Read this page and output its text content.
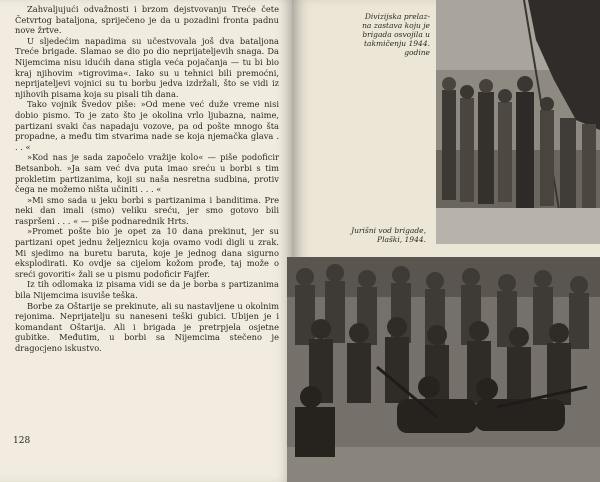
Zahvaljujući odvažnosti i brzom dejstvovanju Treće čete Četvrtog bataljona, spriječeno je da u pozadini fronta padnu nove žrtve.

U sljedećim napadima su učestvovala još dva bataljona Treće brigade. Slamao se dio po dio neprijateljevih snaga. Da Nijemcima nisu idućih dana stigla veća pojačanja — tu bi bio kraj njihovim »tigrovima«. Iako su u tehnici bili premoćni, neprijateljevi vojnici su tu borbu jedva izdržali, što se vidi iz njihovih pisama koja su pisali tih dana.

Tako vojnik Švedov piše: »Od mene već duže vreme nisi dobio pismo. To je zato što je okolina vrlo ljubazna, naime, partizani svaki čas napadaju vozove, pa od pošte mnogo šta propadne, a među tim stvarima nade se koja njemačka glava . . . «

»Kod nas je sada započelo vražije kolo« — piše podoficir Betsanboh. »Ja sam već dva puta imao sreću u borbi s tim prokletim partizanima, koji su naša nesretna sudbina, protiv čega ne možemo ništa učiniti . . . «

»Mi smo sada u jeku borbi s partizanima i banditima. Pre neki dan imali (smo) veliku sreću, jer smo gotovo bili raspršeni . . . « — piše podnarednik Hrts.

»Promet pošte bio je opet za 10 dana prekinut, jer su partizani opet jednu željeznicu koja ovamo vodi digli u zrak. Mi sjedimo na buretu baruta, koje je jednog dana sigurno eksplodirati. Ko ovdje sa cijelom kožom prođe, taj može o sreći govoriti« žali se u pismu podoficir Fajfer.

Iz tih odlomaka iz pisama vidi se da je borba s partizanima bila Nijemcima isuviše teška.

Borbe za Oštarije se prekinute, ali su nastavljene u okolnim rejonima. Neprijatelju su naneseni teški gubici. Ubijen je i komandant Oštarija. Ali i brigada je pretrpjela osjetne gubitke. Međutim, u borbi sa Nijemcima stečeno je dragocjeno iskustvo.

128
Divizijska prelaz-
na zastava koju je
brigada osvojila u
takmičenju 1944.
godine
Jurišni vod brigade,
Plaški, 1944.
